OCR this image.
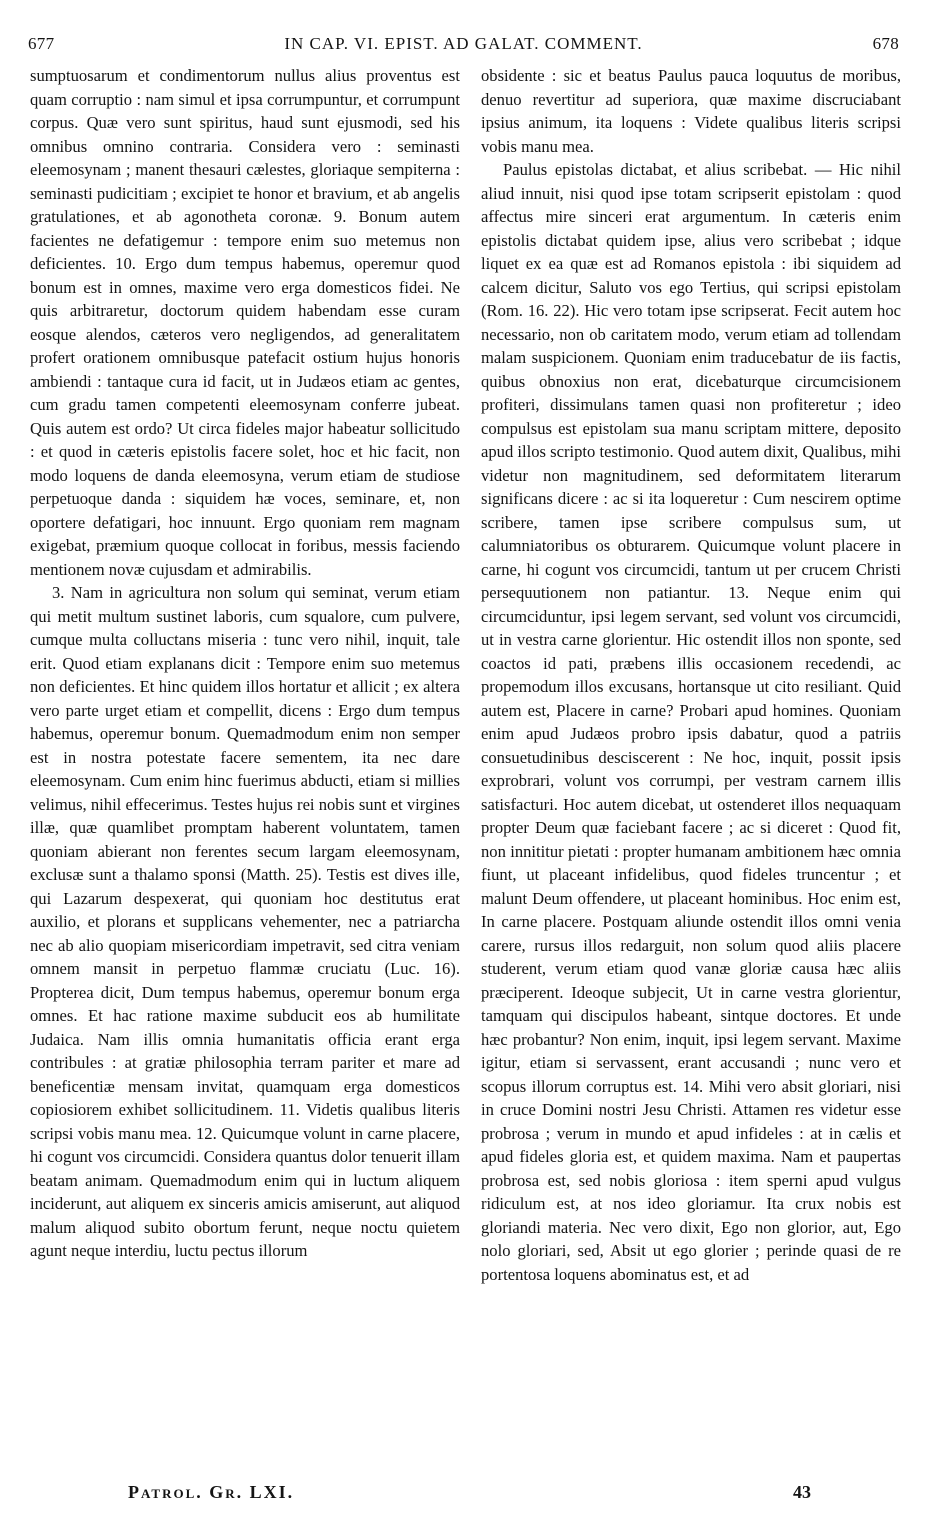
677	IN CAP. VI. EPIST. AD GALAT. COMMENT.	678

sumptuosarum et condimentorum nullus alius proventus est quam corruptio : nam simul et ipsa corrumpuntur, et corrumpunt corpus. Quæ vero sunt spiritus, haud sunt ejusmodi, sed his omnibus omnino contraria. Considera vero : seminasti eleemosynam ; manent thesauri cælestes, gloriaque sempiterna : seminasti pudicitiam ; excipiet te honor et bravium, et ab angelis gratulationes, et ab agonotheta coronæ. 9. Bonum autem facientes ne defatigemur : tempore enim suo metemus non deficientes. 10. Ergo dum tempus habemus, operemur quod bonum est in omnes, maxime vero erga domesticos fidei. Ne quis arbitraretur, doctorum quidem habendam esse curam eosque alendos, cæteros vero negligendos, ad generalitatem profert orationem omnibusque patefacit ostium hujus honoris ambiendi : tantaque cura id facit, ut in Judæos etiam ac gentes, cum gradu tamen competenti eleemosynam conferre jubeat. Quis autem est ordo? Ut circa fideles major habeatur sollicitudo : et quod in cæteris epistolis facere solet, hoc et hic facit, non modo loquens de danda eleemosyna, verum etiam de studiose perpetuoque danda : siquidem hæ voces, seminare, et, non oportere defatigari, hoc innuunt. Ergo quoniam rem magnam exigebat, præmium quoque collocat in foribus, messis faciendo mentionem novæ cujusdam et admirabilis.

3. Nam in agricultura non solum qui seminat, verum etiam qui metit multum sustinet laboris, cum squalore, cum pulvere, cumque multa colluctans miseria : tunc vero nihil, inquit, tale erit. Quod etiam explanans dicit : Tempore enim suo metemus non deficientes. Et hinc quidem illos hortatur et allicit ; ex altera vero parte urget etiam et compellit, dicens : Ergo dum tempus habemus, operemur bonum. Quemadmodum enim non semper est in nostra potestate facere sementem, ita nec dare eleemosynam. Cum enim hinc fuerimus abducti, etiam si millies velimus, nihil effecerimus. Testes hujus rei nobis sunt et virgines illæ, quæ quamlibet promptam haberent voluntatem, tamen quoniam abierant non ferentes secum largam eleemosynam, exclusæ sunt a thalamo sponsi (Matth. 25). Testis est dives ille, qui Lazarum despexerat, qui quoniam hoc destitutus erat auxilio, et plorans et supplicans vehementer, nec a patriarcha nec ab alio quopiam misericordiam impetravit, sed citra veniam omnem mansit in perpetuo flammæ cruciatu (Luc. 16). Propterea dicit, Dum tempus habemus, operemur bonum erga omnes. Et hac ratione maxime subducit eos ab humilitate Judaica. Nam illis omnia humanitatis officia erant erga contribules : at gratiæ philosophia terram pariter et mare ad beneficentiæ mensam invitat, quamquam erga domesticos copiosiorem exhibet sollicitudinem. 11. Videtis qualibus literis scripsi vobis manu mea. 12. Quicumque volunt in carne placere, hi cogunt vos circumcidi. Considera quantus dolor tenuerit illam beatam animam. Quemadmodum enim qui in luctum aliquem inciderunt, aut aliquem ex sinceris amicis amiserunt, aut aliquod malum aliquod subito obortum ferunt, neque noctu quietem agunt neque interdiu, luctu pectus illorum

obsidente : sic et beatus Paulus pauca loquutus de moribus, denuo revertitur ad superiora, quæ maxime discruciabant ipsius animum, ita loquens : Videte qualibus literis scripsi vobis manu mea.

Paulus epistolas dictabat, et alius scribebat. — Hic nihil aliud innuit, nisi quod ipse totam scripserit epistolam : quod affectus mire sinceri erat argumentum. In cæteris enim epistolis dictabat quidem ipse, alius vero scribebat ; idque liquet ex ea quæ est ad Romanos epistola : ibi siquidem ad calcem dicitur, Saluto vos ego Tertius, qui scripsi epistolam (Rom. 16. 22). Hic vero totam ipse scripserat. Fecit autem hoc necessario, non ob caritatem modo, verum etiam ad tollendam malam suspicionem. Quoniam enim traducebatur de iis factis, quibus obnoxius non erat, dicebaturque circumcisionem profiteri, dissimulans tamen quasi non profiteretur ; ideo compulsus est epistolam sua manu scriptam mittere, deposito apud illos scripto testimonio. Quod autem dixit, Qualibus, mihi videtur non magnitudinem, sed deformitatem literarum significans dicere : ac si ita loqueretur : Cum nescirem optime scribere, tamen ipse scribere compulsus sum, ut calumniatoribus os obturarem. Quicumque volunt placere in carne, hi cogunt vos circumcidi, tantum ut per crucem Christi persequutionem non patiantur. 13. Neque enim qui circumciduntur, ipsi legem servant, sed volunt vos circumcidi, ut in vestra carne glorientur. Hic ostendit illos non sponte, sed coactos id pati, præbens illis occasionem recedendi, ac propemodum illos excusans, hortansque ut cito resiliant. Quid autem est, Placere in carne? Probari apud homines. Quoniam enim apud Judæos probro ipsis dabatur, quod a patriis consuetudinibus desciscerent : Ne hoc, inquit, possit ipsis exprobrari, volunt vos corrumpi, per vestram carnem illis satisfacturi. Hoc autem dicebat, ut ostenderet illos nequaquam propter Deum quæ faciebant facere ; ac si diceret : Quod fit, non innititur pietati : propter humanam ambitionem hæc omnia fiunt, ut placeant infidelibus, quod fideles truncentur ; et malunt Deum offendere, ut placeant hominibus. Hoc enim est, In carne placere. Postquam aliunde ostendit illos omni venia carere, rursus illos redarguit, non solum quod aliis placere studerent, verum etiam quod vanæ gloriæ causa hæc aliis præciperent. Ideoque subjecit, Ut in carne vestra glorientur, tamquam qui discipulos habeant, sintque doctores. Et unde hæc probantur? Non enim, inquit, ipsi legem servant. Maxime igitur, etiam si servassent, erant accusandi ; nunc vero et scopus illorum corruptus est. 14. Mihi vero absit gloriari, nisi in cruce Domini nostri Jesu Christi. Attamen res videtur esse probrosa ; verum in mundo et apud infideles : at in cælis et apud fideles gloria est, et quidem maxima. Nam et paupertas probrosa est, sed nobis gloriosa : item sperni apud vulgus ridiculum est, at nos ideo gloriamur. Ita crux nobis est gloriandi materia. Nec vero dixit, Ego non glorior, aut, Ego nolo gloriari, sed, Absit ut ego glorier ; perinde quasi de re portentosa loquens abominatus est, et ad

Patrol. Gr. LXI.	43
